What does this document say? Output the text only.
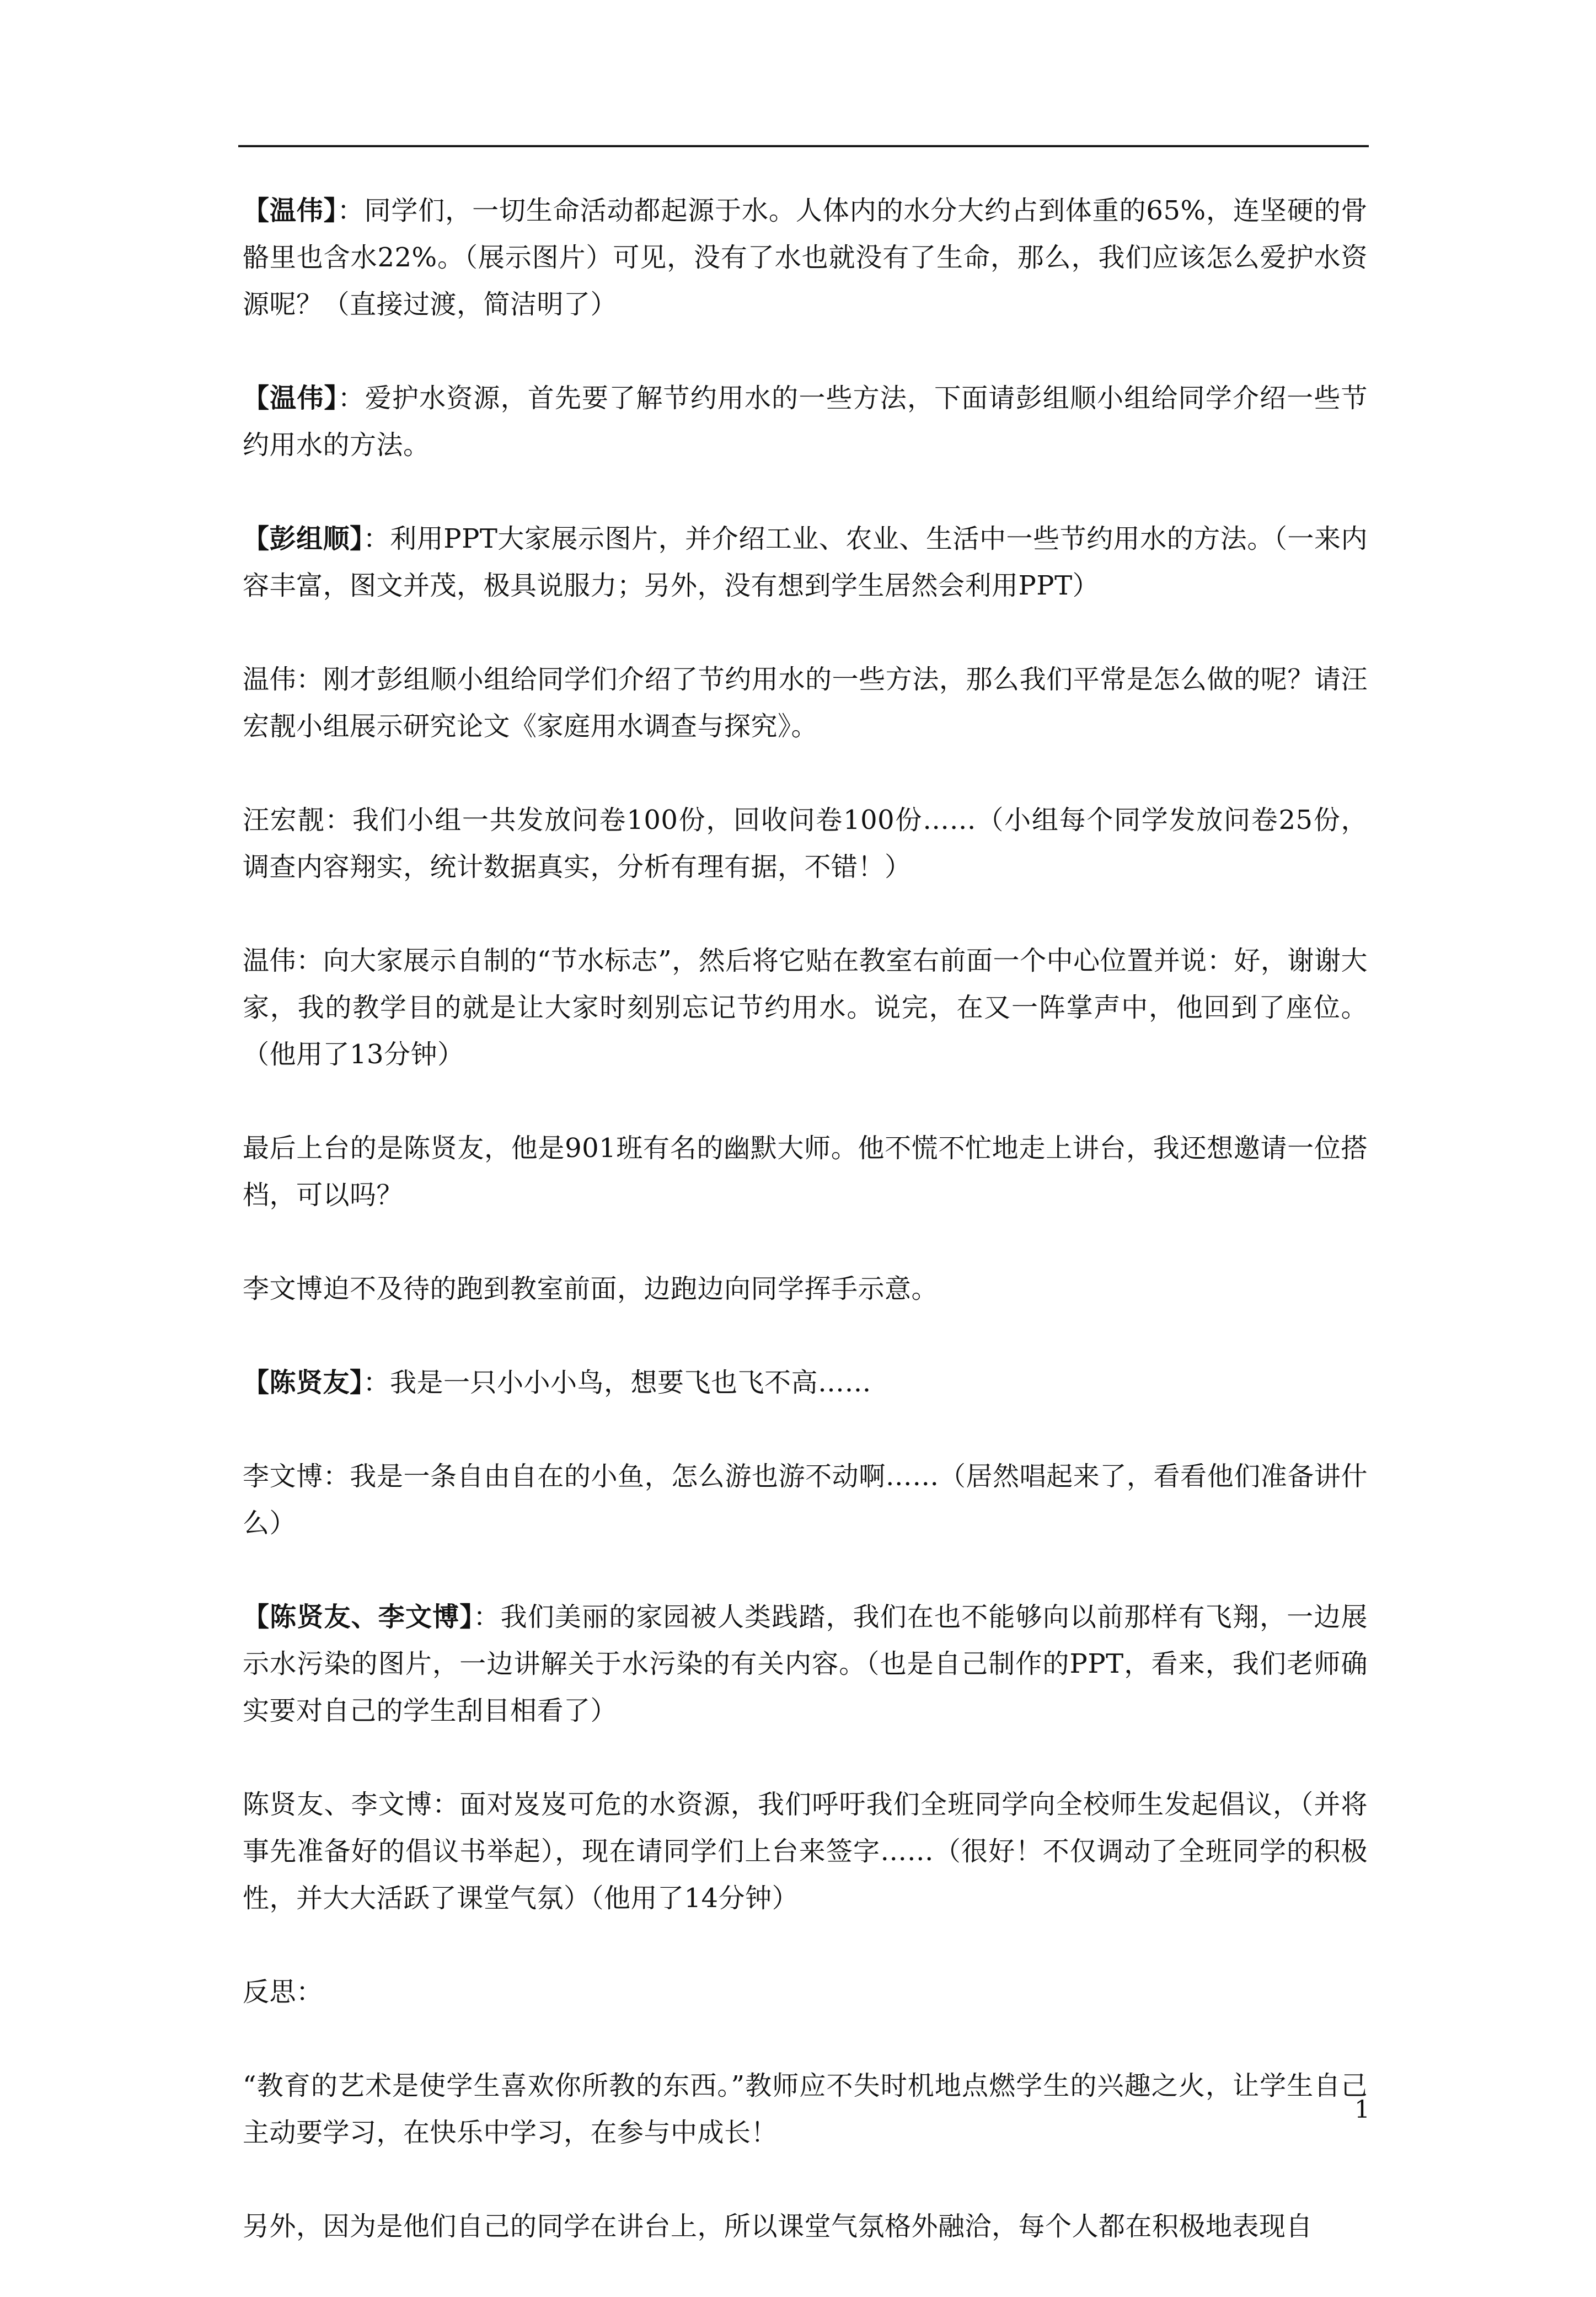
【温伟】：同学们，一切生命活动都起源于水。人体内的水分大约占到体重的65%，连坚硬的骨骼里也含水22%。（展示图片）可见，没有了水也就没有了生命，那么，我们应该怎么爱护水资源呢？（直接过渡，简洁明了）

【温伟】：爱护水资源，首先要了解节约用水的一些方法，下面请彭组顺小组给同学介绍一些节约用水的方法。

【彭组顺】：利用PPT大家展示图片，并介绍工业、农业、生活中一些节约用水的方法。（一来内容丰富，图文并茂，极具说服力；另外，没有想到学生居然会利用PPT）

温伟：刚才彭组顺小组给同学们介绍了节约用水的一些方法，那么我们平常是怎么做的呢？请汪宏靓小组展示研究论文《家庭用水调查与探究》。

汪宏靓：我们小组一共发放问卷100份，回收问卷100份……（小组每个同学发放问卷25份，调查内容翔实，统计数据真实，分析有理有据，不错！）

温伟：向大家展示自制的“节水标志”，然后将它贴在教室右前面一个中心位置并说：好，谢谢大家，我的教学目的就是让大家时刻别忘记节约用水。说完，在又一阵掌声中，他回到了座位。（他用了13分钟）

最后上台的是陈贤友，他是901班有名的幽默大师。他不慌不忙地走上讲台，我还想邀请一位搭档，可以吗？

李文博迫不及待的跑到教室前面，边跑边向同学挥手示意。

【陈贤友】：我是一只小小小鸟，想要飞也飞不高……

李文博：我是一条自由自在的小鱼，怎么游也游不动啊……（居然唱起来了，看看他们准备讲什么）

【陈贤友、李文博】：我们美丽的家园被人类践踏，我们在也不能够向以前那样有飞翔，一边展示水污染的图片，一边讲解关于水污染的有关内容。（也是自己制作的PPT，看来，我们老师确实要对自己的学生刮目相看了）

陈贤友、李文博：面对岌岌可危的水资源，我们呼吁我们全班同学向全校师生发起倡议，（并将事先准备好的倡议书举起），现在请同学们上台来签字……（很好！不仅调动了全班同学的积极性，并大大活跃了课堂气氛）（他用了14分钟）

反思：

“教育的艺术是使学生喜欢你所教的东西。”教师应不失时机地点燃学生的兴趣之火，让学生自己主动要学习，在快乐中学习，在参与中成长！

另外，因为是他们自己的同学在讲台上，所以课堂气氛格外融洽，每个人都在积极地表现自

1
